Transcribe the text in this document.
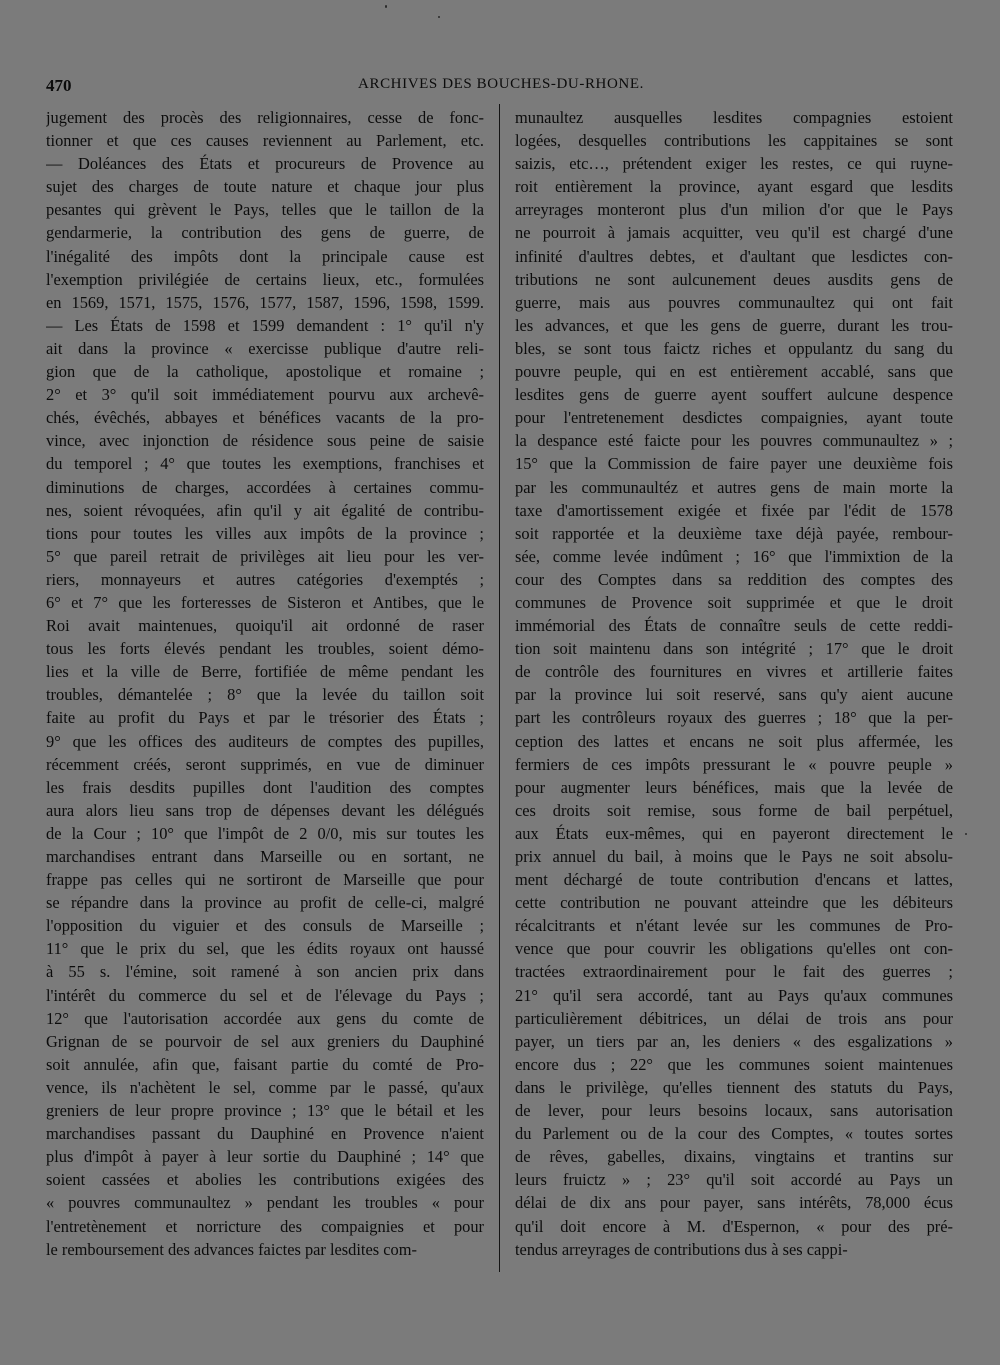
470	ARCHIVES DES BOUCHES-DU-RHONE.
jugement des procès des religionnaires, cesse de fonc-
tionner et que ces causes reviennent au Parlement, etc.
— Doléances des États et procureurs de Provence au
sujet des charges de toute nature et chaque jour plus
pesantes qui grèvent le Pays, telles que le taillon de la
gendarmerie, la contribution des gens de guerre, de
l'inégalité des impôts dont la principale cause est
l'exemption privilégiée de certains lieux, etc., formulées
en 1569, 1571, 1575, 1576, 1577, 1587, 1596, 1598, 1599.
— Les États de 1598 et 1599 demandent : 1° qu'il n'y
ait dans la province « exercisse publique d'autre reli-
gion que de la catholique, apostolique et romaine ;
2° et 3° qu'il soit immédiatement pourvu aux archevê-
chés, évêchés, abbayes et bénéfices vacants de la pro-
vince, avec injonction de résidence sous peine de saisie
du temporel ; 4° que toutes les exemptions, franchises et
diminutions de charges, accordées à certaines commu-
nes, soient révoquées, afin qu'il y ait égalité de contribu-
tions pour toutes les villes aux impôts de la province ;
5° que pareil retrait de privilèges ait lieu pour les ver-
riers, monnayeurs et autres catégories d'exemptés ;
6° et 7° que les forteresses de Sisteron et Antibes, que le
Roi avait maintenues, quoiqu'il ait ordonné de raser
tous les forts élevés pendant les troubles, soient démo-
lies et la ville de Berre, fortifiée de même pendant les
troubles, démantelée ; 8° que la levée du taillon soit
faite au profit du Pays et par le trésorier des États ;
9° que les offices des auditeurs de comptes des pupilles,
récemment créés, seront supprimés, en vue de diminuer
les frais desdits pupilles dont l'audition des comptes
aura alors lieu sans trop de dépenses devant les délégués
de la Cour ; 10° que l'impôt de 2 0/0, mis sur toutes les
marchandises entrant dans Marseille ou en sortant, ne
frappe pas celles qui ne sortiront de Marseille que pour
se répandre dans la province au profit de celle-ci, malgré
l'opposition du viguier et des consuls de Marseille ;
11° que le prix du sel, que les édits royaux ont haussé
à 55 s. l'émine, soit ramené à son ancien prix dans
l'intérêt du commerce du sel et de l'élevage du Pays ;
12° que l'autorisation accordée aux gens du comte de
Grignan de se pourvoir de sel aux greniers du Dauphiné
soit annulée, afin que, faisant partie du comté de Pro-
vence, ils n'achètent le sel, comme par le passé, qu'aux
greniers de leur propre province ; 13° que le bétail et les
marchandises passant du Dauphiné en Provence n'aient
plus d'impôt à payer à leur sortie du Dauphiné ; 14° que
soient cassées et abolies les contributions exigées des
« pouvres communaultez » pendant les troubles « pour
l'entretènement et norricture des compaignies et pour
le remboursement des advances faictes par lesdites com-
munaultez ausquelles lesdites compagnies estoient
logées, desquelles contributions les cappitaines se sont
saizis, etc…, prétendent exiger les restes, ce qui ruyne-
roit entièrement la province, ayant esgard que lesdits
arreyrages monteront plus d'un milion d'or que le Pays
ne pourroit à jamais acquitter, veu qu'il est chargé d'une
infinité d'aultres debtes, et d'aultant que lesdictes con-
tributions ne sont aulcunement deues ausdits gens de
guerre, mais aus pouvres communaultez qui ont fait
les advances, et que les gens de guerre, durant les trou-
bles, se sont tous faictz riches et oppulantz du sang du
pouvre peuple, qui en est entièrement accablé, sans que
lesdites gens de guerre ayent souffert aulcune despence
pour l'entretenement desdictes compaignies, ayant toute
la despance esté faicte pour les pouvres communaultez » ;
15° que la Commission de faire payer une deuxième fois
par les communaultéz et autres gens de main morte la
taxe d'amortissement exigée et fixée par l'édit de 1578
soit rapportée et la deuxième taxe déjà payée, rembour-
sée, comme levée indûment ; 16° que l'immixtion de la
cour des Comptes dans sa reddition des comptes des
communes de Provence soit supprimée et que le droit
immémorial des États de connaître seuls de cette reddi-
tion soit maintenu dans son intégrité ; 17° que le droit
de contrôle des fournitures en vivres et artillerie faites
par la province lui soit reservé, sans qu'y aient aucune
part les contrôleurs royaux des guerres ; 18° que la per-
ception des lattes et encans ne soit plus affermée, les
fermiers de ces impôts pressurant le « pouvre peuple »
pour augmenter leurs bénéfices, mais que la levée de
ces droits soit remise, sous forme de bail perpétuel,
aux États eux-mêmes, qui en payeront directement le
prix annuel du bail, à moins que le Pays ne soit absolu-
ment déchargé de toute contribution d'encans et lattes,
cette contribution ne pouvant atteindre que les débiteurs
récalcitrants et n'étant levée sur les communes de Pro-
vence que pour couvrir les obligations qu'elles ont con-
tractées extraordinairement pour le fait des guerres ;
21° qu'il sera accordé, tant au Pays qu'aux communes
particulièrement débitrices, un délai de trois ans pour
payer, un tiers par an, les deniers « des esgalizations »
encore dus ; 22° que les communes soient maintenues
dans le privilège, qu'elles tiennent des statuts du Pays,
de lever, pour leurs besoins locaux, sans autorisation
du Parlement ou de la cour des Comptes, « toutes sortes
de rêves, gabelles, dixains, vingtains et trantins sur
leurs fruictz » ; 23° qu'il soit accordé au Pays un
délai de dix ans pour payer, sans intérêts, 78,000 écus
qu'il doit encore à M. d'Espernon, « pour des pré-
tendus arreyrages de contributions dus à ses cappi-
